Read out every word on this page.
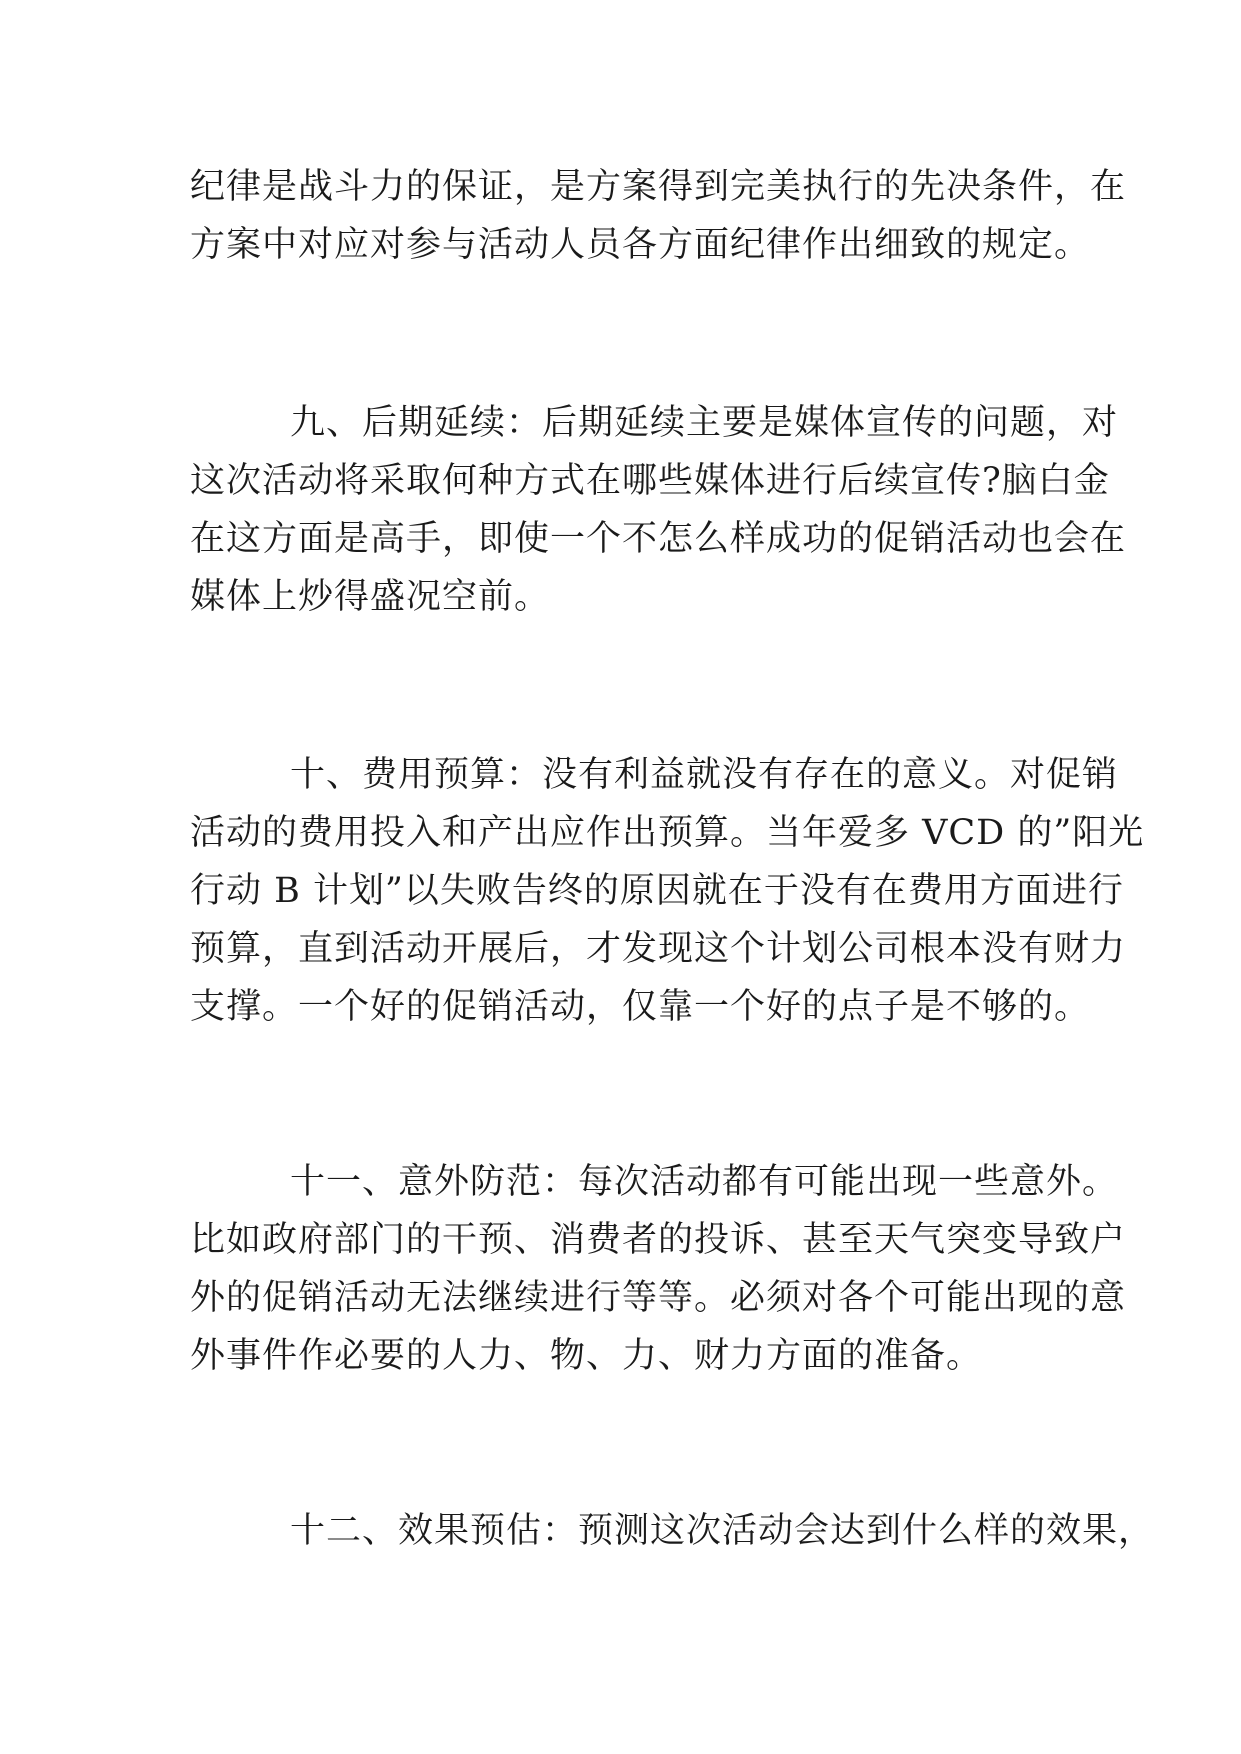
纪律是战斗力的保证，是方案得到完美执行的先决条件，在
方案中对应对参与活动人员各方面纪律作出细致的规定。
九、后期延续：后期延续主要是媒体宣传的问题，对
这次活动将采取何种方式在哪些媒体进行后续宣传?脑白金
在这方面是高手，即使一个不怎么样成功的促销活动也会在
媒体上炒得盛况空前。
十、费用预算：没有利益就没有存在的意义。对促销
活动的费用投入和产出应作出预算。当年爱多 VCD 的”阳光
行动 B 计划”以失败告终的原因就在于没有在费用方面进行
预算，直到活动开展后，才发现这个计划公司根本没有财力
支撑。一个好的促销活动，仅靠一个好的点子是不够的。
十一、意外防范：每次活动都有可能出现一些意外。
比如政府部门的干预、消费者的投诉、甚至天气突变导致户
外的促销活动无法继续进行等等。必须对各个可能出现的意
外事件作必要的人力、物、力、财力方面的准备。
十二、效果预估：预测这次活动会达到什么样的效果，
